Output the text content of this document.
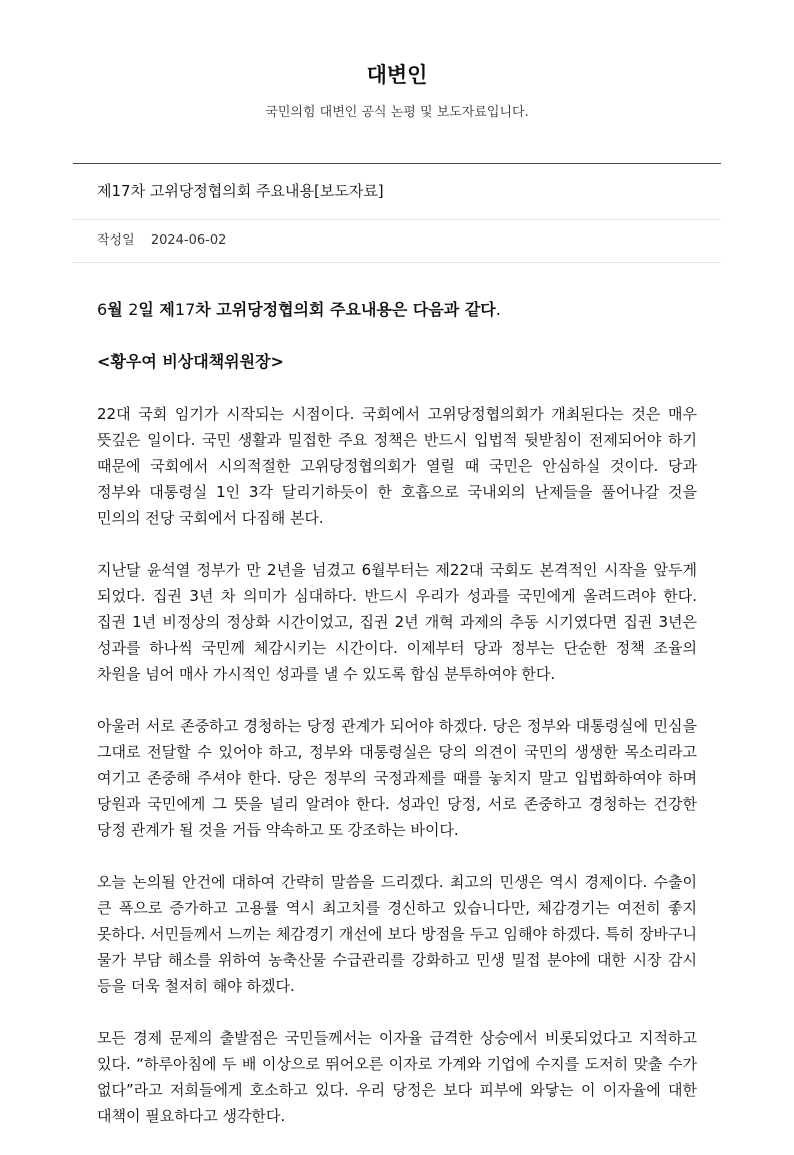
대변인

국민의힘 대변인 공식 논평 및 보도자료입니다.

제17차 고위당정협의회 주요내용[보도자료]
작성일 2024-06-02

6월 2일 제17차 고위당정협의회 주요내용은 다음과 같다.

<황우여 비상대책위원장>

22대 국회 임기가 시작되는 시점이다. 국회에서 고위당정협의회가 개최된다는 것은 매우 뜻깊은 일이다. 국민 생활과 밀접한 주요 정책은 반드시 입법적 뒷받침이 전제되어야 하기 때문에 국회에서 시의적절한 고위당정협의회가 열릴 때 국민은 안심하실 것이다. 당과 정부와 대통령실 1인 3각 달리기하듯이 한 호흡으로 국내외의 난제들을 풀어나갈 것을 민의의 전당 국회에서 다짐해 본다.

지난달 윤석열 정부가 만 2년을 넘겼고 6월부터는 제22대 국회도 본격적인 시작을 앞두게 되었다. 집권 3년 차 의미가 심대하다. 반드시 우리가 성과를 국민에게 올려드려야 한다. 집권 1년 비정상의 정상화 시간이었고, 집권 2년 개혁 과제의 추동 시기였다면 집권 3년은 성과를 하나씩 국민께 체감시키는 시간이다. 이제부터 당과 정부는 단순한 정책 조율의 차원을 넘어 매사 가시적인 성과를 낼 수 있도록 합심 분투하여야 한다.

아울러 서로 존중하고 경청하는 당정 관계가 되어야 하겠다. 당은 정부와 대통령실에 민심을 그대로 전달할 수 있어야 하고, 정부와 대통령실은 당의 의견이 국민의 생생한 목소리라고 여기고 존중해 주셔야 한다. 당은 정부의 국정과제를 때를 놓치지 말고 입법화하여야 하며 당원과 국민에게 그 뜻을 널리 알려야 한다. 성과인 당정, 서로 존중하고 경청하는 건강한 당정 관계가 될 것을 거듭 약속하고 또 강조하는 바이다.

오늘 논의될 안건에 대하여 간략히 말씀을 드리겠다. 최고의 민생은 역시 경제이다. 수출이 큰 폭으로 증가하고 고용률 역시 최고치를 경신하고 있습니다만, 체감경기는 여전히 좋지 못하다. 서민들께서 느끼는 체감경기 개선에 보다 방점을 두고 임해야 하겠다. 특히 장바구니 물가 부담 해소를 위하여 농축산물 수급관리를 강화하고 민생 밀접 분야에 대한 시장 감시 등을 더욱 철저히 해야 하겠다.

모든 경제 문제의 출발점은 국민들께서는 이자율 급격한 상승에서 비롯되었다고 지적하고 있다. “하루아침에 두 배 이상으로 뛰어오른 이자로 가계와 기업에 수지를 도저히 맞출 수가 없다”라고 저희들에게 호소하고 있다. 우리 당정은 보다 피부에 와닿는 이 이자율에 대한 대책이 필요하다고 생각한다.
